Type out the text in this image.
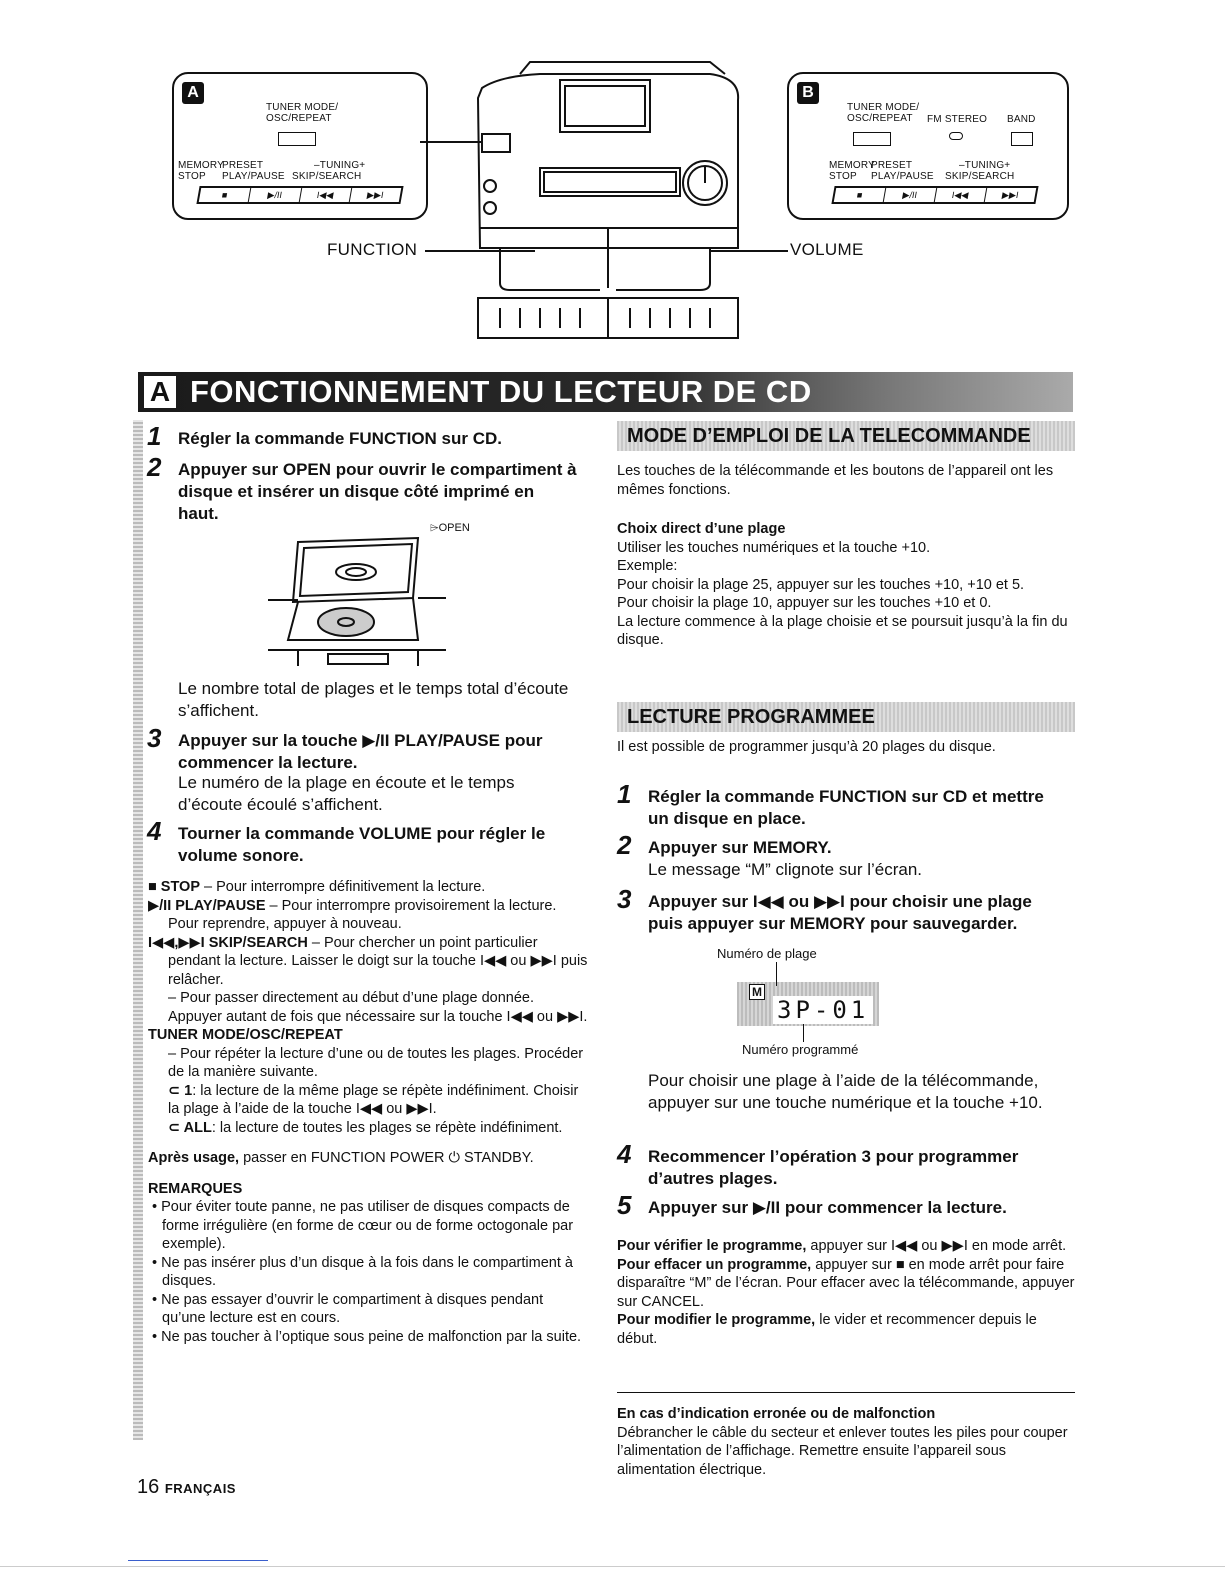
A
TUNER MODE/
OSC/REPEAT
MEMORY STOP
PRESET PLAY/PAUSE
–TUNING+
SKIP/SEARCH
■	▶/II	I◀◀	▶▶I
B
TUNER MODE/
OSC/REPEAT FM STEREO BAND
MEMORY STOP
PRESET PLAY/PAUSE
–TUNING+
SKIP/SEARCH
■	▶/II	I◀◀	▶▶I
FUNCTION	VOLUME
A FONCTIONNEMENT DU LECTEUR DE CD
1 Régler la commande FUNCTION sur CD.
2 Appuyer sur OPEN pour ouvrir le compartiment à disque et insérer un disque côté imprimé en haut.
⌲OPEN
Le nombre total de plages et le temps total d’écoute s’affichent.
3 Appuyer sur la touche ▶/II PLAY/PAUSE pour commencer la lecture.
Le numéro de la plage en écoute et le temps d’écoute écoulé s’affichent.
4 Tourner la commande VOLUME pour régler le volume sonore.
■ STOP – Pour interrompre définitivement la lecture.
▶/II PLAY/PAUSE – Pour interrompre provisoirement la lecture. Pour reprendre, appuyer à nouveau.
I◀◀,▶▶I SKIP/SEARCH – Pour chercher un point particulier pendant la lecture. Laisser le doigt sur la touche I◀◀ ou ▶▶I puis relâcher.
– Pour passer directement au début d’une plage donnée. Appuyer autant de fois que nécessaire sur la touche I◀◀ ou ▶▶I.
TUNER MODE/OSC/REPEAT
– Pour répéter la lecture d’une ou de toutes les plages. Procéder de la manière suivante.
⊂ 1: la lecture de la même plage se répète indéfiniment. Choisir la plage à l’aide de la touche I◀◀ ou ▶▶I.
⊂ ALL: la lecture de toutes les plages se répète indéfiniment.
Après usage, passer en FUNCTION POWER ⏻ STANDBY.
REMARQUES
• Pour éviter toute panne, ne pas utiliser de disques compacts de forme irrégulière (en forme de cœur ou de forme octogonale par exemple).
• Ne pas insérer plus d’un disque à la fois dans le compartiment à disques.
• Ne pas essayer d’ouvrir le compartiment à disques pendant qu’une lecture est en cours.
• Ne pas toucher à l’optique sous peine de malfonction par la suite.
MODE D’EMPLOI DE LA TELECOMMANDE
Les touches de la télécommande et les boutons de l’appareil ont les mêmes fonctions.
Choix direct d’une plage
Utiliser les touches numériques et la touche +10.
Exemple:
Pour choisir la plage 25, appuyer sur les touches +10, +10 et 5.
Pour choisir la plage 10, appuyer sur les touches +10 et 0.
La lecture commence à la plage choisie et se poursuit jusqu’à la fin du disque.
LECTURE PROGRAMMEE
Il est possible de programmer jusqu’à 20 plages du disque.
1 Régler la commande FUNCTION sur CD et mettre un disque en place.
2 Appuyer sur MEMORY.
Le message “M” clignote sur l’écran.
3 Appuyer sur I◀◀ ou ▶▶I pour choisir une plage puis appuyer sur MEMORY pour sauvegarder.
Numéro de plage
M
3P-01
Numéro programmé
Pour choisir une plage à l’aide de la télécommande, appuyer sur une touche numérique et la touche +10.
4 Recommencer l’opération 3 pour programmer d’autres plages.
5 Appuyer sur ▶/II pour commencer la lecture.
Pour vérifier le programme, appuyer sur I◀◀ ou ▶▶I en mode arrêt.
Pour effacer un programme, appuyer sur ■ en mode arrêt pour faire disparaître “M” de l’écran. Pour effacer avec la télécommande, appuyer sur CANCEL.
Pour modifier le programme, le vider et recommencer depuis le début.
En cas d’indication erronée ou de malfonction
Débrancher le câble du secteur et enlever toutes les piles pour couper l’alimentation de l’affichage. Remettre ensuite l’appareil sous alimentation électrique.
16 FRANÇAIS
